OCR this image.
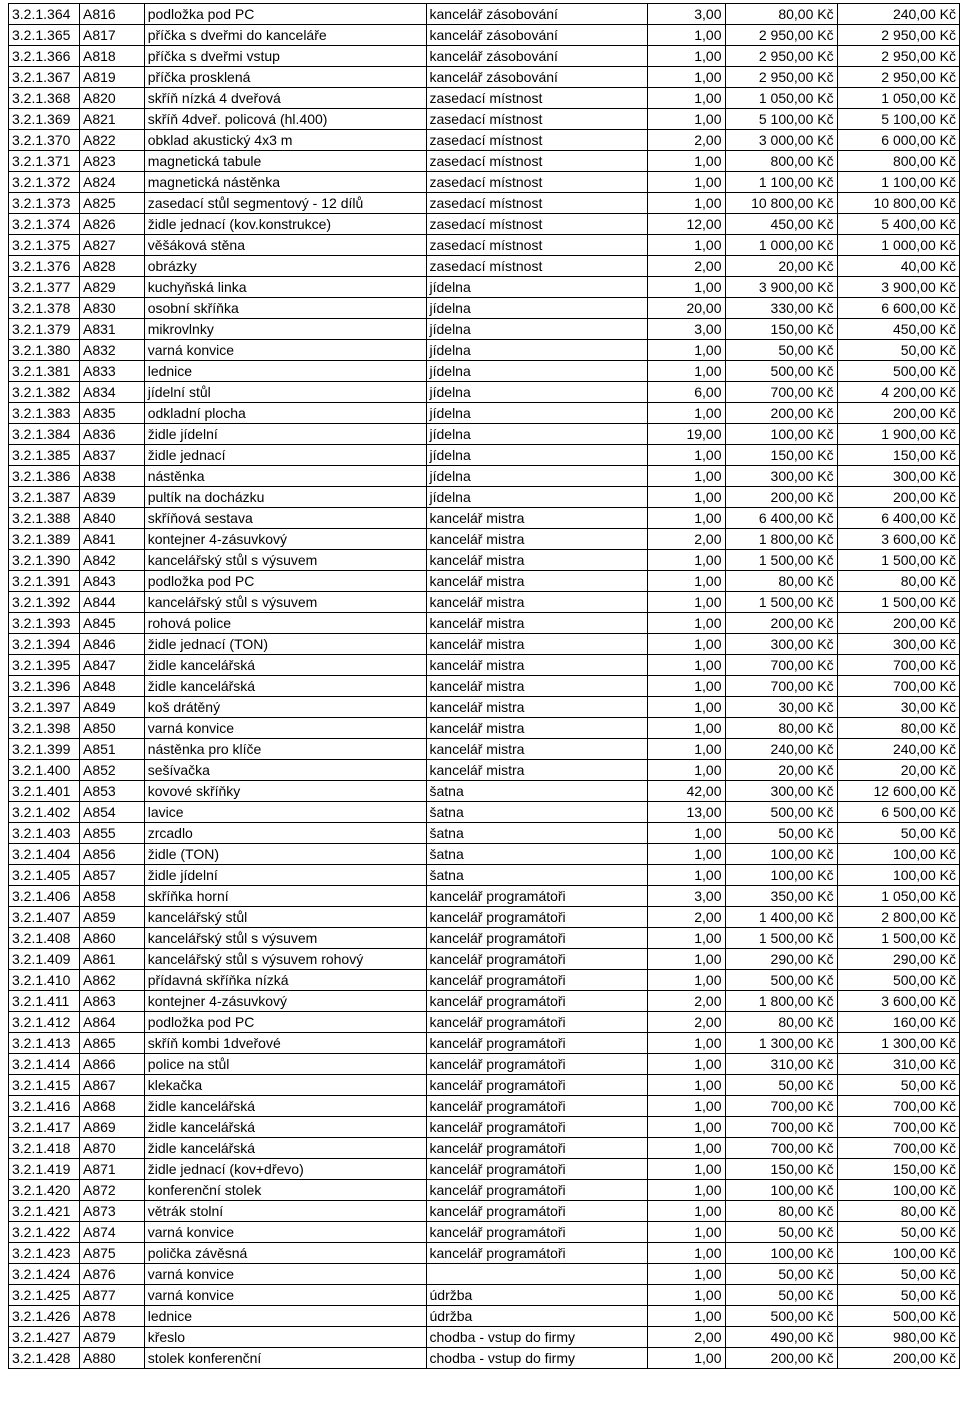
3.2.1.364	A816	podložka pod PC	kancelář zásobování	3,00	80,00 Kč	240,00 Kč
3.2.1.365	A817	příčka s dveřmi do kanceláře	kancelář zásobování	1,00	2 950,00 Kč	2 950,00 Kč
3.2.1.366	A818	příčka s dveřmi vstup	kancelář zásobování	1,00	2 950,00 Kč	2 950,00 Kč
3.2.1.367	A819	příčka prosklená	kancelář zásobování	1,00	2 950,00 Kč	2 950,00 Kč
3.2.1.368	A820	skříň nízká 4 dveřová	zasedací místnost	1,00	1 050,00 Kč	1 050,00 Kč
3.2.1.369	A821	skříň 4dveř. policová (hl.400)	zasedací místnost	1,00	5 100,00 Kč	5 100,00 Kč
3.2.1.370	A822	obklad akustický 4x3 m	zasedací místnost	2,00	3 000,00 Kč	6 000,00 Kč
3.2.1.371	A823	magnetická tabule	zasedací místnost	1,00	800,00 Kč	800,00 Kč
3.2.1.372	A824	magnetická nástěnka	zasedací místnost	1,00	1 100,00 Kč	1 100,00 Kč
3.2.1.373	A825	zasedací stůl segmentový - 12 dílů	zasedací místnost	1,00	10 800,00 Kč	10 800,00 Kč
3.2.1.374	A826	židle jednací (kov.konstrukce)	zasedací místnost	12,00	450,00 Kč	5 400,00 Kč
3.2.1.375	A827	věšáková stěna	zasedací místnost	1,00	1 000,00 Kč	1 000,00 Kč
3.2.1.376	A828	obrázky	zasedací místnost	2,00	20,00 Kč	40,00 Kč
3.2.1.377	A829	kuchyňská linka	jídelna	1,00	3 900,00 Kč	3 900,00 Kč
3.2.1.378	A830	osobní skříňka	jídelna	20,00	330,00 Kč	6 600,00 Kč
3.2.1.379	A831	mikrovlnky	jídelna	3,00	150,00 Kč	450,00 Kč
3.2.1.380	A832	varná konvice	jídelna	1,00	50,00 Kč	50,00 Kč
3.2.1.381	A833	lednice	jídelna	1,00	500,00 Kč	500,00 Kč
3.2.1.382	A834	jídelní stůl	jídelna	6,00	700,00 Kč	4 200,00 Kč
3.2.1.383	A835	odkladní plocha	jídelna	1,00	200,00 Kč	200,00 Kč
3.2.1.384	A836	židle jídelní	jídelna	19,00	100,00 Kč	1 900,00 Kč
3.2.1.385	A837	židle jednací	jídelna	1,00	150,00 Kč	150,00 Kč
3.2.1.386	A838	nástěnka	jídelna	1,00	300,00 Kč	300,00 Kč
3.2.1.387	A839	pultík na docházku	jídelna	1,00	200,00 Kč	200,00 Kč
3.2.1.388	A840	skříňová sestava	kancelář mistra	1,00	6 400,00 Kč	6 400,00 Kč
3.2.1.389	A841	kontejner 4-zásuvkový	kancelář mistra	2,00	1 800,00 Kč	3 600,00 Kč
3.2.1.390	A842	kancelářský stůl s výsuvem	kancelář mistra	1,00	1 500,00 Kč	1 500,00 Kč
3.2.1.391	A843	podložka pod PC	kancelář mistra	1,00	80,00 Kč	80,00 Kč
3.2.1.392	A844	kancelářský stůl s výsuvem	kancelář mistra	1,00	1 500,00 Kč	1 500,00 Kč
3.2.1.393	A845	rohová police	kancelář mistra	1,00	200,00 Kč	200,00 Kč
3.2.1.394	A846	židle jednací (TON)	kancelář mistra	1,00	300,00 Kč	300,00 Kč
3.2.1.395	A847	židle kancelářská	kancelář mistra	1,00	700,00 Kč	700,00 Kč
3.2.1.396	A848	židle kancelářská	kancelář mistra	1,00	700,00 Kč	700,00 Kč
3.2.1.397	A849	koš drátěný	kancelář mistra	1,00	30,00 Kč	30,00 Kč
3.2.1.398	A850	varná konvice	kancelář mistra	1,00	80,00 Kč	80,00 Kč
3.2.1.399	A851	nástěnka pro klíče	kancelář mistra	1,00	240,00 Kč	240,00 Kč
3.2.1.400	A852	sešívačka	kancelář mistra	1,00	20,00 Kč	20,00 Kč
3.2.1.401	A853	kovové skříňky	šatna	42,00	300,00 Kč	12 600,00 Kč
3.2.1.402	A854	lavice	šatna	13,00	500,00 Kč	6 500,00 Kč
3.2.1.403	A855	zrcadlo	šatna	1,00	50,00 Kč	50,00 Kč
3.2.1.404	A856	židle (TON)	šatna	1,00	100,00 Kč	100,00 Kč
3.2.1.405	A857	židle jídelní	šatna	1,00	100,00 Kč	100,00 Kč
3.2.1.406	A858	skříňka horní	kancelář programátoři	3,00	350,00 Kč	1 050,00 Kč
3.2.1.407	A859	kancelářský stůl	kancelář programátoři	2,00	1 400,00 Kč	2 800,00 Kč
3.2.1.408	A860	kancelářský stůl s výsuvem	kancelář programátoři	1,00	1 500,00 Kč	1 500,00 Kč
3.2.1.409	A861	kancelářský stůl s výsuvem rohový	kancelář programátoři	1,00	290,00 Kč	290,00 Kč
3.2.1.410	A862	přídavná skříňka nízká	kancelář programátoři	1,00	500,00 Kč	500,00 Kč
3.2.1.411	A863	kontejner 4-zásuvkový	kancelář programátoři	2,00	1 800,00 Kč	3 600,00 Kč
3.2.1.412	A864	podložka pod PC	kancelář programátoři	2,00	80,00 Kč	160,00 Kč
3.2.1.413	A865	skříň kombi 1dveřové	kancelář programátoři	1,00	1 300,00 Kč	1 300,00 Kč
3.2.1.414	A866	police na stůl	kancelář programátoři	1,00	310,00 Kč	310,00 Kč
3.2.1.415	A867	klekačka	kancelář programátoři	1,00	50,00 Kč	50,00 Kč
3.2.1.416	A868	židle kancelářská	kancelář programátoři	1,00	700,00 Kč	700,00 Kč
3.2.1.417	A869	židle kancelářská	kancelář programátoři	1,00	700,00 Kč	700,00 Kč
3.2.1.418	A870	židle kancelářská	kancelář programátoři	1,00	700,00 Kč	700,00 Kč
3.2.1.419	A871	židle jednací (kov+dřevo)	kancelář programátoři	1,00	150,00 Kč	150,00 Kč
3.2.1.420	A872	konferenční stolek	kancelář programátoři	1,00	100,00 Kč	100,00 Kč
3.2.1.421	A873	větrák stolní	kancelář programátoři	1,00	80,00 Kč	80,00 Kč
3.2.1.422	A874	varná konvice	kancelář programátoři	1,00	50,00 Kč	50,00 Kč
3.2.1.423	A875	polička závěsná	kancelář programátoři	1,00	100,00 Kč	100,00 Kč
3.2.1.424	A876	varná konvice		1,00	50,00 Kč	50,00 Kč
3.2.1.425	A877	varná konvice	údržba	1,00	50,00 Kč	50,00 Kč
3.2.1.426	A878	lednice	údržba	1,00	500,00 Kč	500,00 Kč
3.2.1.427	A879	křeslo	chodba - vstup do firmy	2,00	490,00 Kč	980,00 Kč
3.2.1.428	A880	stolek konferenční	chodba - vstup do firmy	1,00	200,00 Kč	200,00 Kč
